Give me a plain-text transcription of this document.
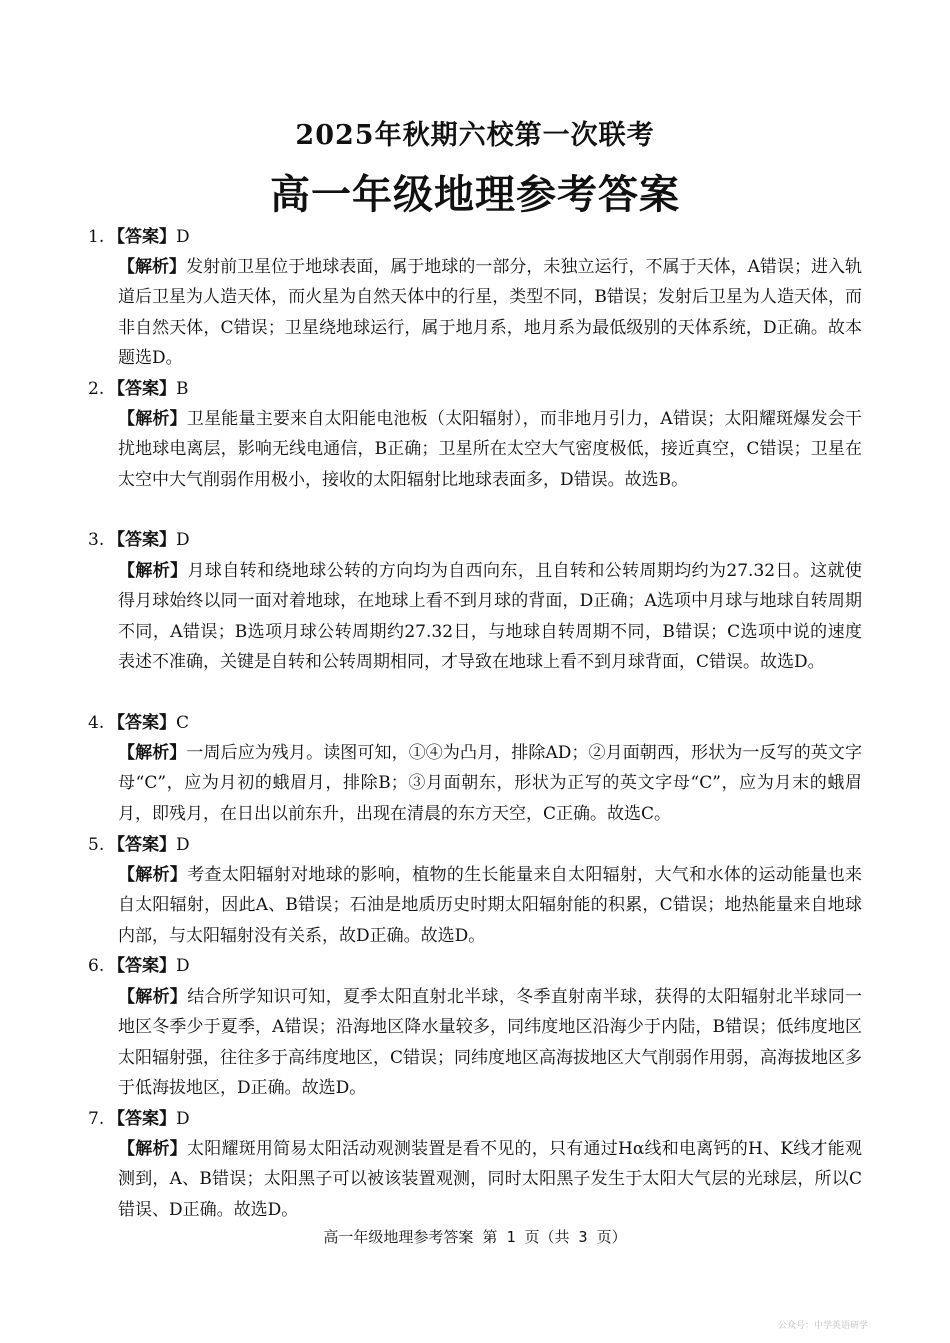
2025年秋期六校第一次联考
高一年级地理参考答案
1. 【答案】D
【解析】发射前卫星位于地球表面，属于地球的一部分，未独立运行，不属于天体，A错误；进入轨道后卫星为人造天体，而火星为自然天体中的行星，类型不同，B错误；发射后卫星为人造天体，而非自然天体，C错误；卫星绕地球运行，属于地月系，地月系为最低级别的天体系统，D正确。故本题选D。
2. 【答案】B
【解析】卫星能量主要来自太阳能电池板（太阳辐射），而非地月引力，A错误；太阳耀斑爆发会干扰地球电离层，影响无线电通信，B正确；卫星所在太空大气密度极低，接近真空，C错误；卫星在太空中大气削弱作用极小，接收的太阳辐射比地球表面多，D错误。故选B。
3. 【答案】D
【解析】月球自转和绕地球公转的方向均为自西向东，且自转和公转周期均约为27.32日。这就使得月球始终以同一面对着地球，在地球上看不到月球的背面，D正确；A选项中月球与地球自转周期不同，A错误；B选项月球公转周期约27.32日，与地球自转周期不同，B错误；C选项中说的速度表述不准确，关键是自转和公转周期相同，才导致在地球上看不到月球背面，C错误。故选D。
4. 【答案】C
【解析】一周后应为残月。读图可知，①④为凸月，排除AD；②月面朝西，形状为一反写的英文字母“C”，应为月初的蛾眉月，排除B；③月面朝东，形状为正写的英文字母“C”，应为月末的蛾眉月，即残月，在日出以前东升，出现在清晨的东方天空，C正确。故选C。
5. 【答案】D
【解析】考查太阳辐射对地球的影响，植物的生长能量来自太阳辐射，大气和水体的运动能量也来自太阳辐射，因此A、B错误；石油是地质历史时期太阳辐射能的积累，C错误；地热能量来自地球内部，与太阳辐射没有关系，故D正确。故选D。
6. 【答案】D
【解析】结合所学知识可知，夏季太阳直射北半球，冬季直射南半球，获得的太阳辐射北半球同一地区冬季少于夏季，A错误；沿海地区降水量较多，同纬度地区沿海少于内陆，B错误；低纬度地区太阳辐射强，往往多于高纬度地区，C错误；同纬度地区高海拔地区大气削弱作用弱，高海拔地区多于低海拔地区，D正确。故选D。
7. 【答案】D
【解析】太阳耀斑用简易太阳活动观测装置是看不见的，只有通过Hα线和电离钙的H、K线才能观测到，A、B错误；太阳黑子可以被该装置观测，同时太阳黑子发生于太阳大气层的光球层，所以C错误、D正确。故选D。
高一年级地理参考答案 第 1 页（共 3 页）
公众号：中学英语研学
